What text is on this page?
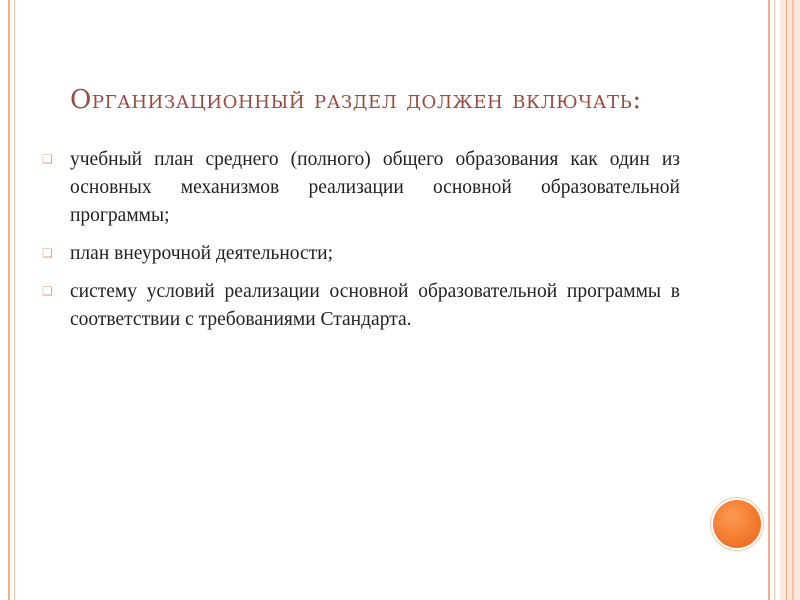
Организационный раздел должен включать:
❑ учебный план среднего (полного) общего образования как один из основных механизмов реализации основной образовательной программы;
❑ план внеурочной деятельности;
❑ систему условий реализации основной образовательной программы в соответствии с требованиями Стандарта.
